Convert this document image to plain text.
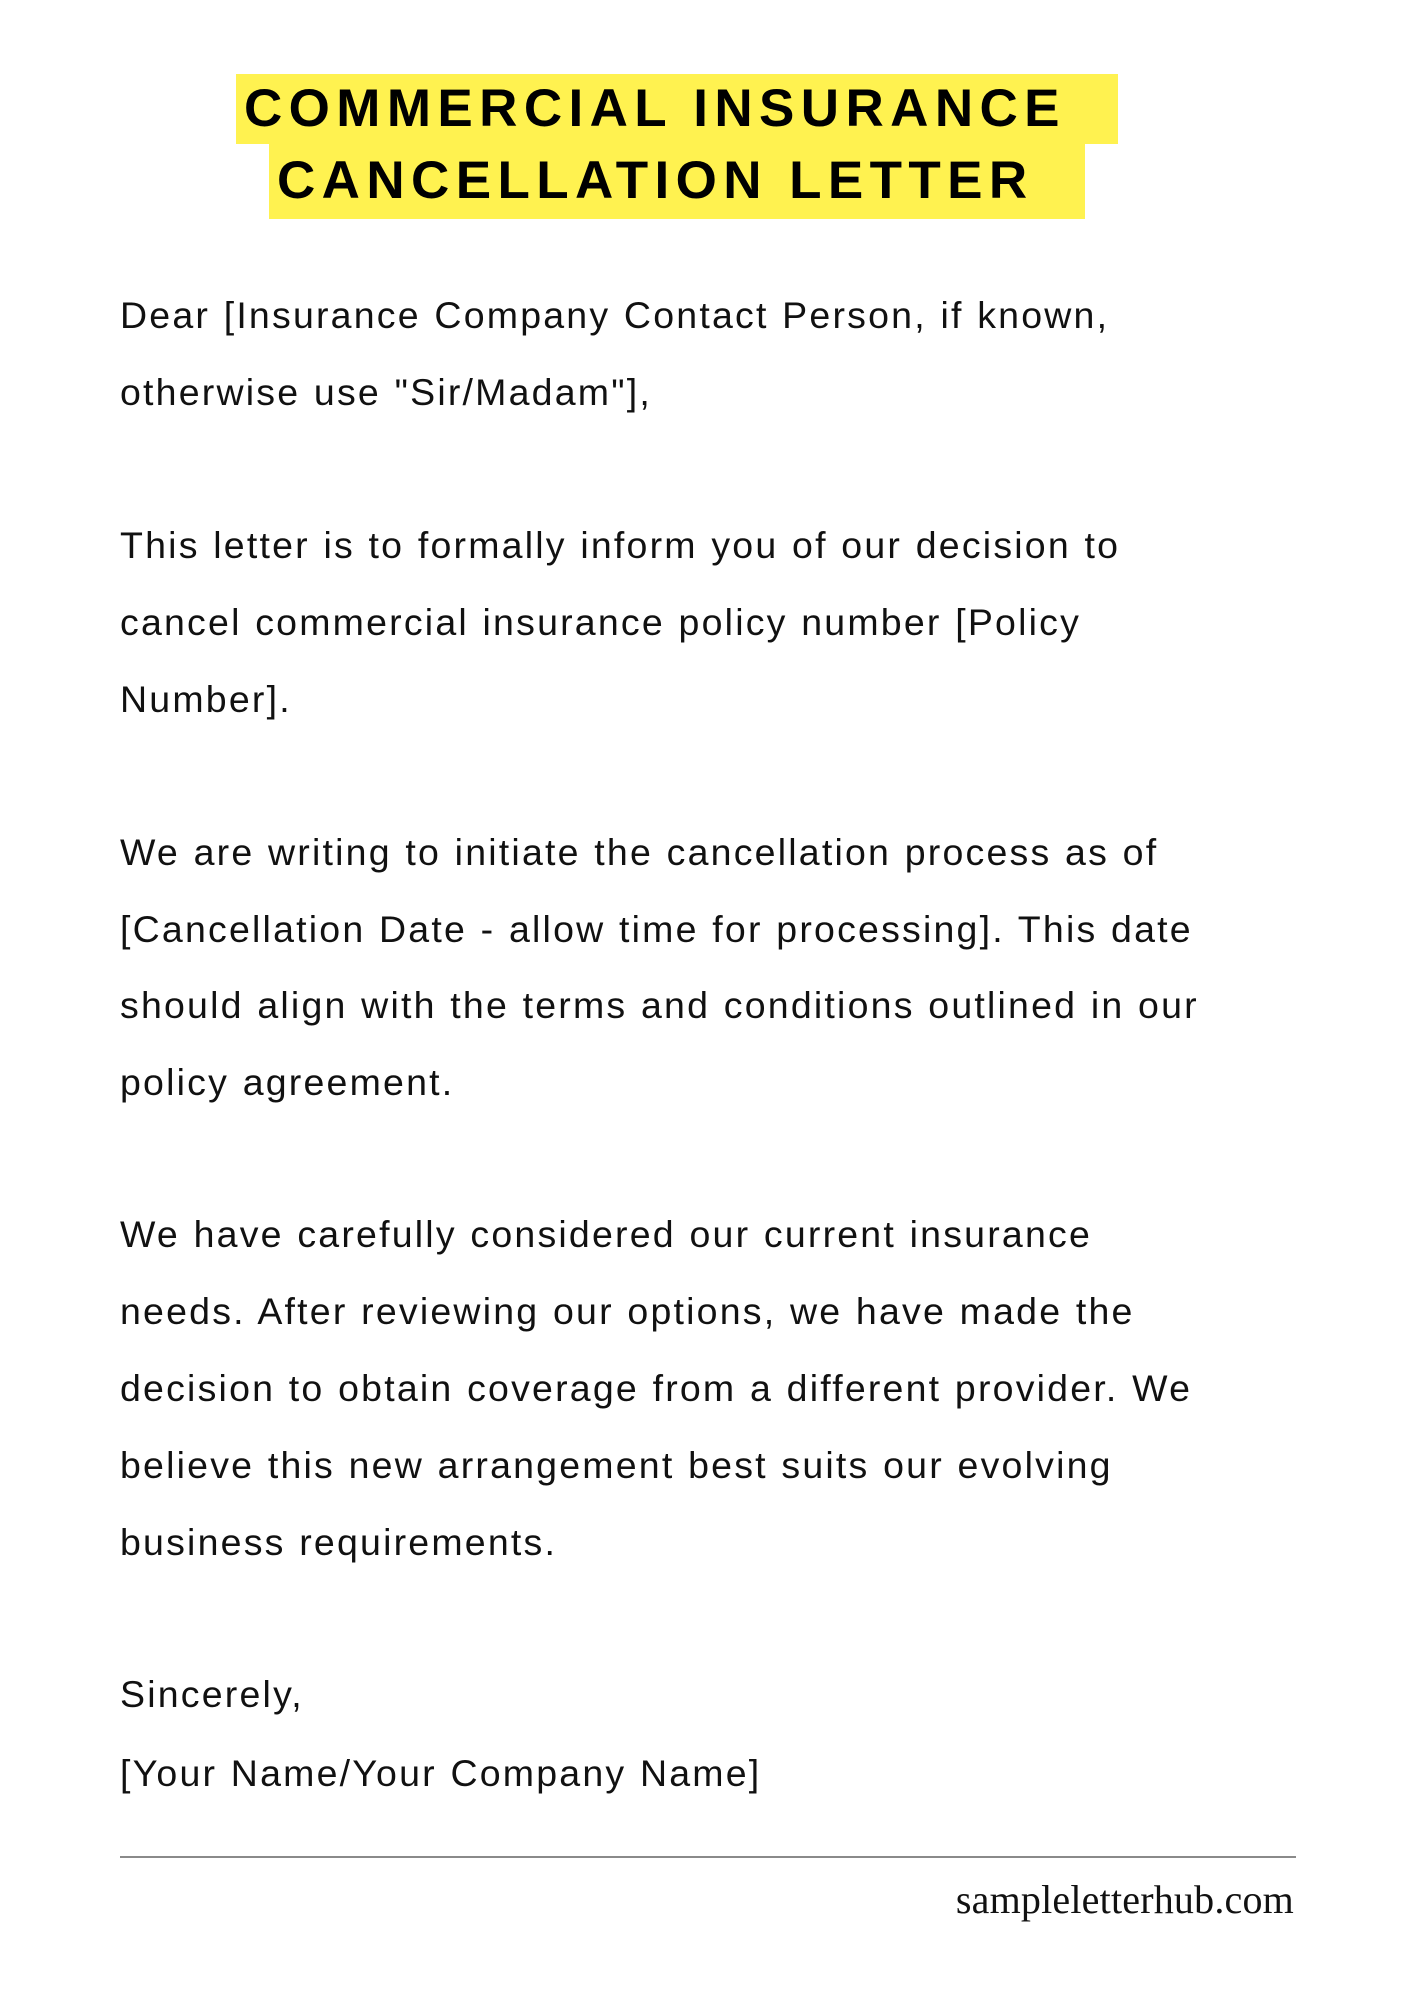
COMMERCIAL INSURANCE
CANCELLATION LETTER
Dear [Insurance Company Contact Person, if known,
otherwise use "Sir/Madam"],
This letter is to formally inform you of our decision to
cancel commercial insurance policy number [Policy
Number].
We are writing to initiate the cancellation process as of
[Cancellation Date - allow time for processing]. This date
should align with the terms and conditions outlined in our
policy agreement.
We have carefully considered our current insurance
needs. After reviewing our options, we have made the
decision to obtain coverage from a different provider. We
believe this new arrangement best suits our evolving
business requirements.
Sincerely,
[Your Name/Your Company Name]
sampleletterhub.com
